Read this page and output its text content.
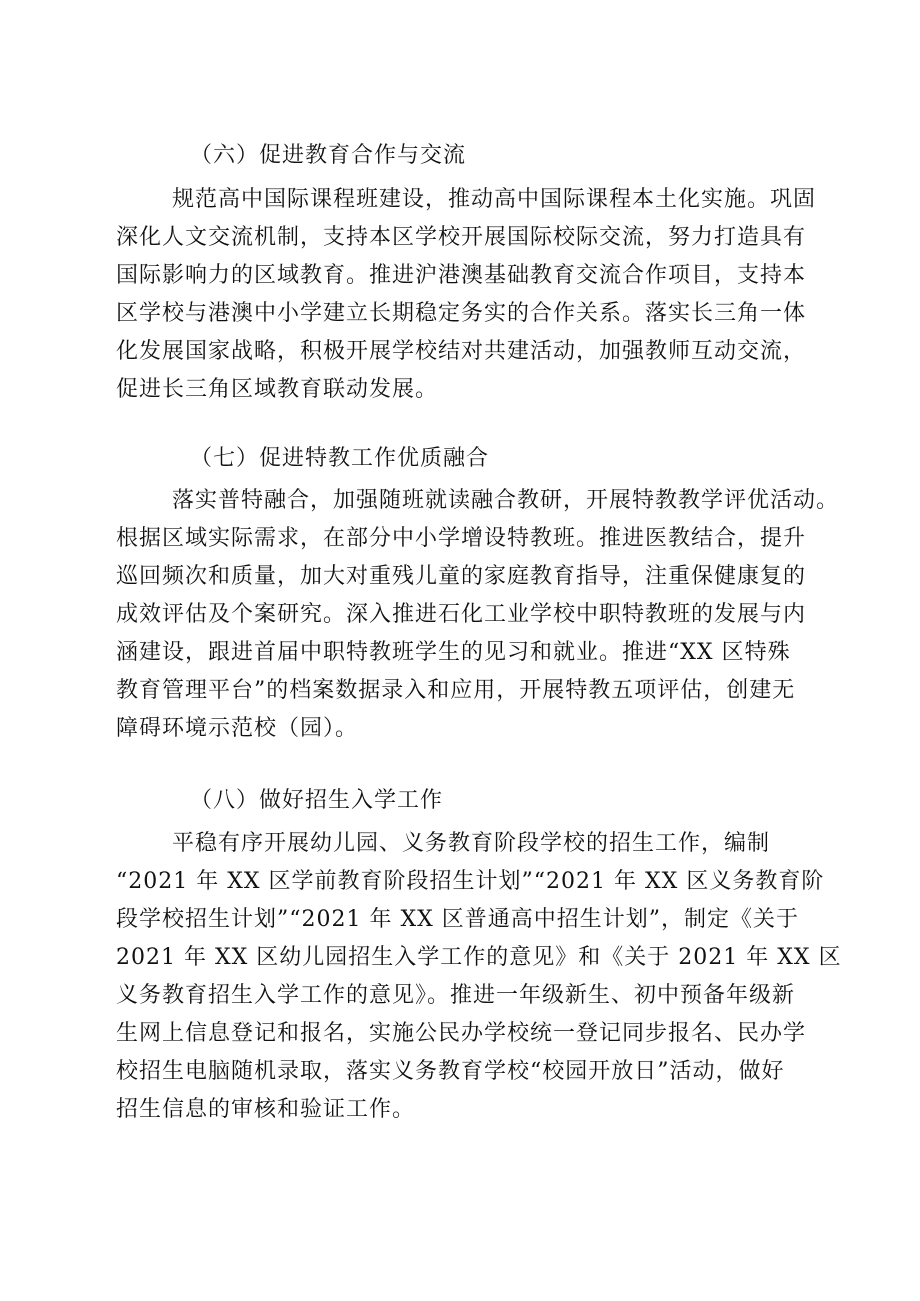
（六）促进教育合作与交流
规范高中国际课程班建设，推动高中国际课程本土化实施。巩固
深化人文交流机制，支持本区学校开展国际校际交流，努力打造具有
国际影响力的区域教育。推进沪港澳基础教育交流合作项目，支持本
区学校与港澳中小学建立长期稳定务实的合作关系。落实长三角一体
化发展国家战略，积极开展学校结对共建活动，加强教师互动交流，
促进长三角区域教育联动发展。
（七）促进特教工作优质融合
落实普特融合，加强随班就读融合教研，开展特教教学评优活动。
根据区域实际需求，在部分中小学增设特教班。推进医教结合，提升
巡回频次和质量，加大对重残儿童的家庭教育指导，注重保健康复的
成效评估及个案研究。深入推进石化工业学校中职特教班的发展与内
涵建设，跟进首届中职特教班学生的见习和就业。推进“XX 区特殊
教育管理平台”的档案数据录入和应用，开展特教五项评估，创建无
障碍环境示范校（园）。
（八）做好招生入学工作
平稳有序开展幼儿园、义务教育阶段学校的招生工作，编制
“2021 年 XX 区学前教育阶段招生计划”“2021 年 XX 区义务教育阶
段学校招生计划”“2021 年 XX 区普通高中招生计划”，制定《关于
2021 年 XX 区幼儿园招生入学工作的意见》和《关于 2021 年 XX 区
义务教育招生入学工作的意见》。推进一年级新生、初中预备年级新
生网上信息登记和报名，实施公民办学校统一登记同步报名、民办学
校招生电脑随机录取，落实义务教育学校“校园开放日”活动，做好
招生信息的审核和验证工作。
